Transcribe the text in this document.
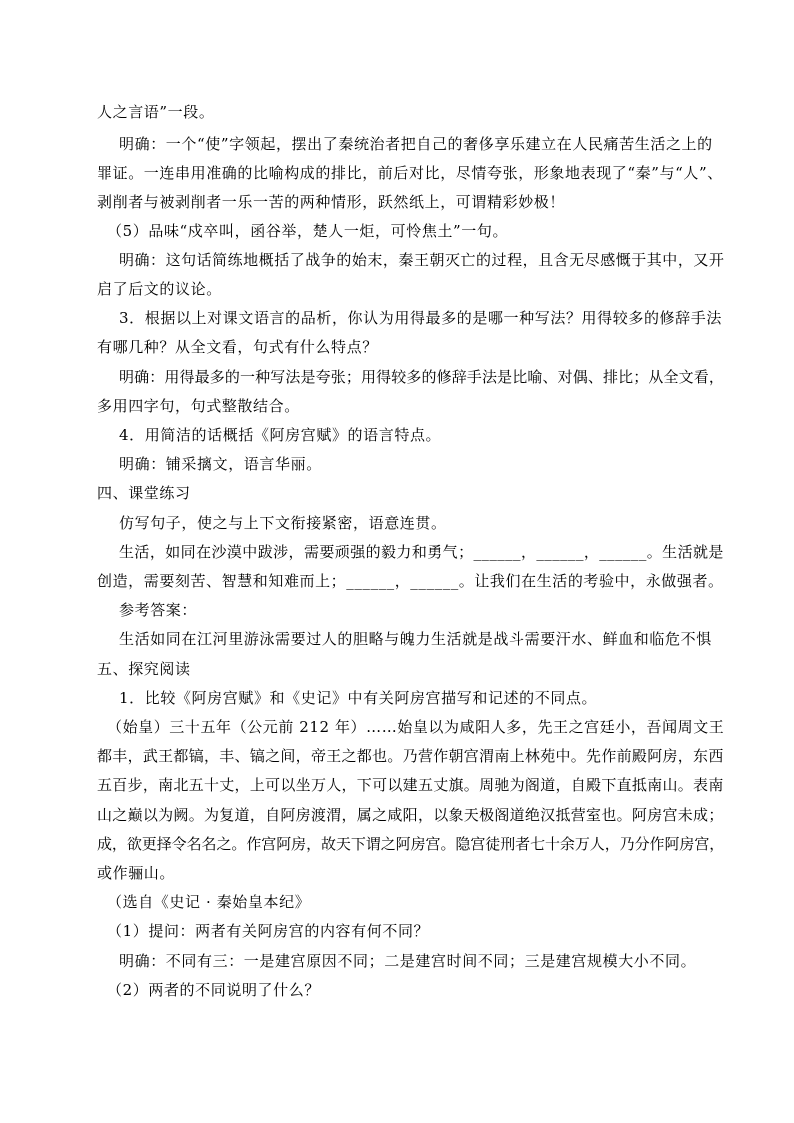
人之言语”一段。
明确：一个“使”字领起，摆出了秦统治者把自己的奢侈享乐建立在人民痛苦生活之上的
罪证。一连串用准确的比喻构成的排比，前后对比，尽情夸张，形象地表现了“秦”与“人”、
剥削者与被剥削者一乐一苦的两种情形，跃然纸上，可谓精彩妙极！
（5）品味“戍卒叫，函谷举，楚人一炬，可怜焦土”一句。
明确：这句话简练地概括了战争的始末，秦王朝灭亡的过程，且含无尽感慨于其中，又开
启了后文的议论。
3．根据以上对课文语言的品析，你认为用得最多的是哪一种写法？用得较多的修辞手法
有哪几种？从全文看，句式有什么特点？
明确：用得最多的一种写法是夸张；用得较多的修辞手法是比喻、对偶、排比；从全文看，
多用四字句，句式整散结合。
4．用简洁的话概括《阿房宫赋》的语言特点。
明确：铺采摛文，语言华丽。
四、课堂练习
仿写句子，使之与上下文衔接紧密，语意连贯。
生活，如同在沙漠中跋涉，需要顽强的毅力和勇气；______，______，______。生活就是
创造，需要刻苦、智慧和知难而上；______，______。让我们在生活的考验中，永做强者。
参考答案：
生活如同在江河里游泳需要过人的胆略与魄力生活就是战斗需要汗水、鲜血和临危不惧
五、探究阅读
1．比较《阿房宫赋》和《史记》中有关阿房宫描写和记述的不同点。
（始皇）三十五年（公元前 212 年）……始皇以为咸阳人多，先王之宫廷小，吾闻周文王
都丰，武王都镐，丰、镐之间，帝王之都也。乃营作朝宫渭南上林苑中。先作前殿阿房，东西
五百步，南北五十丈，上可以坐万人，下可以建五丈旗。周驰为阁道，自殿下直抵南山。表南
山之巅以为阙。为复道，自阿房渡渭，属之咸阳，以象天极阁道绝汉抵营室也。阿房宫未成；
成，欲更择令名名之。作宫阿房，故天下谓之阿房宫。隐宫徒刑者七十余万人，乃分作阿房宫，
或作骊山。
（选自《史记 · 秦始皇本纪》
（1）提问：两者有关阿房宫的内容有何不同？
明确：不同有三：一是建宫原因不同；二是建宫时间不同；三是建宫规模大小不同。
（2）两者的不同说明了什么？
